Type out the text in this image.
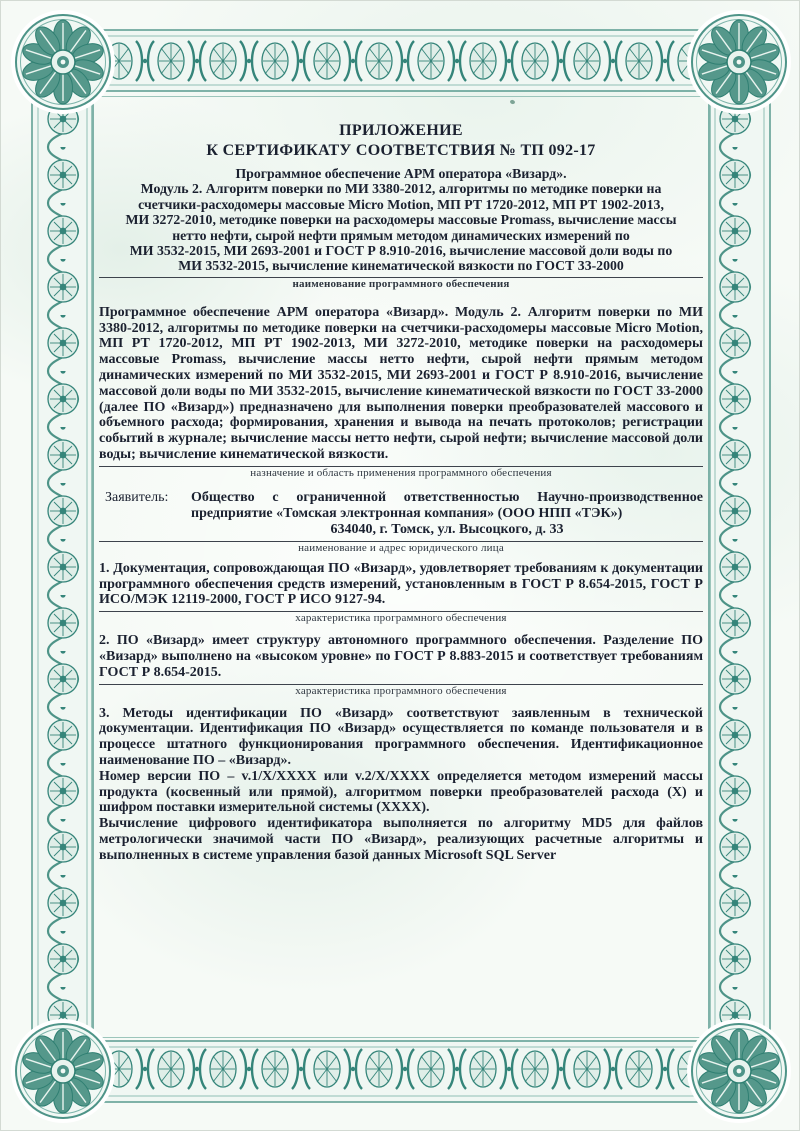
ПРИЛОЖЕНИЕ
К СЕРТИФИКАТУ СООТВЕТСТВИЯ № ТП 092-17
Программное обеспечение АРМ оператора «Визард».
Модуль 2. Алгоритм поверки по МИ 3380-2012, алгоритмы по методике поверки на
счетчики-расходомеры массовые Micro Motion, МП РТ 1720-2012, МП РТ 1902-2013,
МИ 3272-2010, методике поверки на расходомеры массовые Promass, вычисление массы
нетто нефти, сырой нефти прямым методом динамических измерений по
МИ 3532-2015, МИ 2693-2001 и ГОСТ Р 8.910-2016, вычисление массовой доли воды по
МИ 3532-2015, вычисление кинематической вязкости по ГОСТ 33-2000
наименование программного обеспечения
Программное обеспечение АРМ оператора «Визард». Модуль 2. Алгоритм поверки по МИ 3380-2012, алгоритмы по методике поверки на счетчики-расходомеры массовые Micro Motion, МП РТ 1720-2012, МП РТ 1902-2013, МИ 3272-2010, методике поверки на расходомеры массовые Promass, вычисление массы нетто нефти, сырой нефти прямым методом динамических измерений по МИ 3532-2015, МИ 2693-2001 и ГОСТ Р 8.910-2016, вычисление массовой доли воды по МИ 3532-2015, вычисление кинематической вязкости по ГОСТ 33-2000 (далее ПО «Визард») предназначено для выполнения поверки преобразователей массового и объемного расхода; формирования, хранения и вывода на печать протоколов; регистрации событий в журнале; вычисление массы нетто нефти, сырой нефти; вычисление массовой доли воды; вычисление кинематической вязкости.
назначение и область применения программного обеспечения
Заявитель:	Общество с ограниченной ответственностью Научно-производственное
предприятие «Томская электронная компания» (ООО НПП «ТЭК»)
634040, г. Томск, ул. Высоцкого, д. 33
наименование и адрес юридического лица
1. Документация, сопровождающая ПО «Визард», удовлетворяет требованиям к документации программного обеспечения средств измерений, установленным в ГОСТ Р 8.654-2015, ГОСТ Р ИСО/МЭК 12119-2000, ГОСТ Р ИСО 9127-94.
характеристика программного обеспечения
2. ПО «Визард» имеет структуру автономного программного обеспечения. Разделение ПО «Визард» выполнено на «высоком уровне» по ГОСТ Р 8.883-2015 и соответствует требованиям ГОСТ Р 8.654-2015.
характеристика программного обеспечения
3. Методы идентификации ПО «Визард» соответствуют заявленным в технической документации. Идентификация ПО «Визард» осуществляется по команде пользователя и в процессе штатного функционирования программного обеспечения. Идентификационное наименование ПО – «Визард».
Номер версии ПО – v.1/X/XXXX или v.2/X/XXXX определяется методом измерений массы продукта (косвенный или прямой), алгоритмом поверки преобразователей расхода (X) и шифром поставки измерительной системы (XXXX).
Вычисление цифрового идентификатора выполняется по алгоритму MD5 для файлов метрологически значимой части ПО «Визард», реализующих расчетные алгоритмы и выполненных в системе управления базой данных Microsoft SQL Server
